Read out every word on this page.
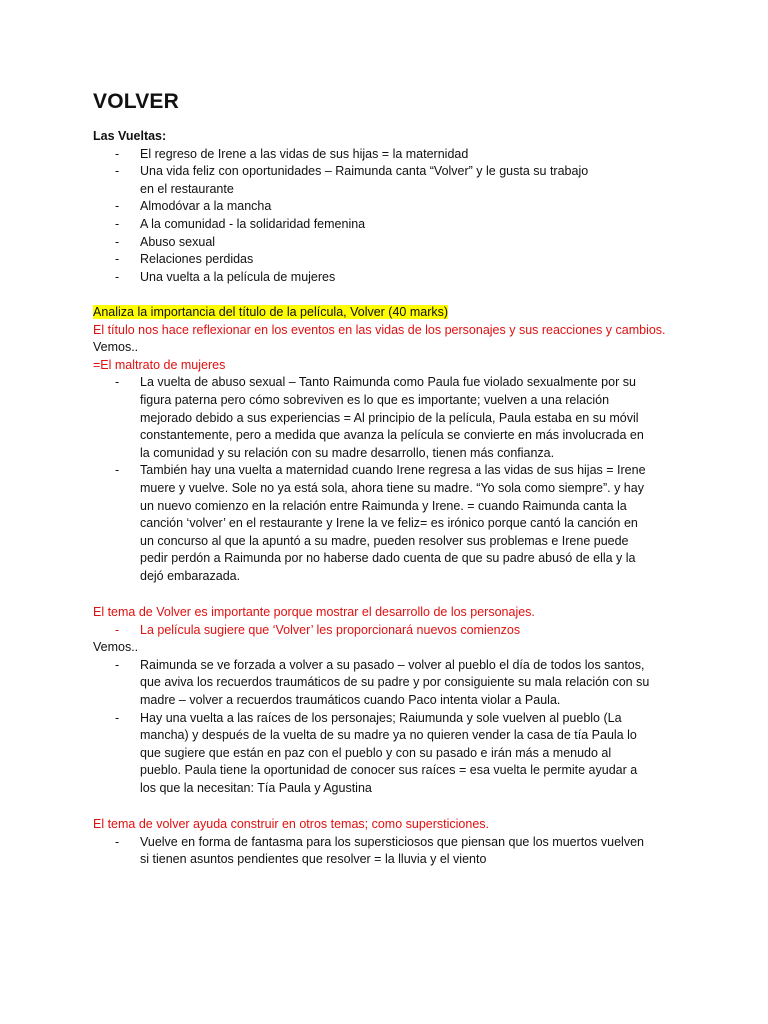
VOLVER

Las Vueltas:

- El regreso de Irene a las vidas de sus hijas = la maternidad
- Una vida feliz con oportunidades – Raimunda canta “Volver” y le gusta su trabajo en el restaurante
- Almodóvar a la mancha
- A la comunidad - la solidaridad femenina
- Abuso sexual
- Relaciones perdidas
- Una vuelta a la película de mujeres

Analiza la importancia del título de la película, Volver (40 marks)

El título nos hace reflexionar en los eventos en las vidas de los personajes y sus reacciones y cambios.

Vemos..

=El maltrato de mujeres

- La vuelta de abuso sexual – Tanto Raimunda como Paula fue violado sexualmente por su figura paterna pero cómo sobreviven es lo que es importante; vuelven a una relación mejorado debido a sus experiencias = Al principio de la película, Paula estaba en su móvil constantemente, pero a medida que avanza la película se convierte en más involucrada en la comunidad y su relación con su madre desarrollo, tienen más confianza.
- También hay una vuelta a maternidad cuando Irene regresa a las vidas de sus hijas = Irene muere y vuelve. Sole no ya está sola, ahora tiene su madre. “Yo sola como siempre”. y hay un nuevo comienzo en la relación entre Raimunda y Irene. = cuando Raimunda canta la canción ‘volver’ en el restaurante y Irene la ve feliz= es irónico porque cantó la canción en un concurso al que la apuntó a su madre, pueden resolver sus problemas e Irene puede pedir perdón a Raimunda por no haberse dado cuenta de que su padre abusó de ella y la dejó embarazada.

El tema de Volver es importante porque mostrar el desarrollo de los personajes.

- La película sugiere que ‘Volver’ les proporcionará nuevos comienzos

Vemos..

- Raimunda se ve forzada a volver a su pasado – volver al pueblo el día de todos los santos, que aviva los recuerdos traumáticos de su padre y por consiguiente su mala relación con su madre – volver a recuerdos traumáticos cuando Paco intenta violar a Paula.
- Hay una vuelta a las raíces de los personajes; Raiumunda y sole vuelven al pueblo (La mancha) y después de la vuelta de su madre ya no quieren vender la casa de tía Paula lo que sugiere que están en paz con el pueblo y con su pasado e irán más a menudo al pueblo. Paula tiene la oportunidad de conocer sus raíces = esa vuelta le permite ayudar a los que la necesitan: Tía Paula y Agustina

El tema de volver ayuda construir en otros temas; como supersticiones.

- Vuelve en forma de fantasma para los supersticiosos que piensan que los muertos vuelven si tienen asuntos pendientes que resolver = la lluvia y el viento
